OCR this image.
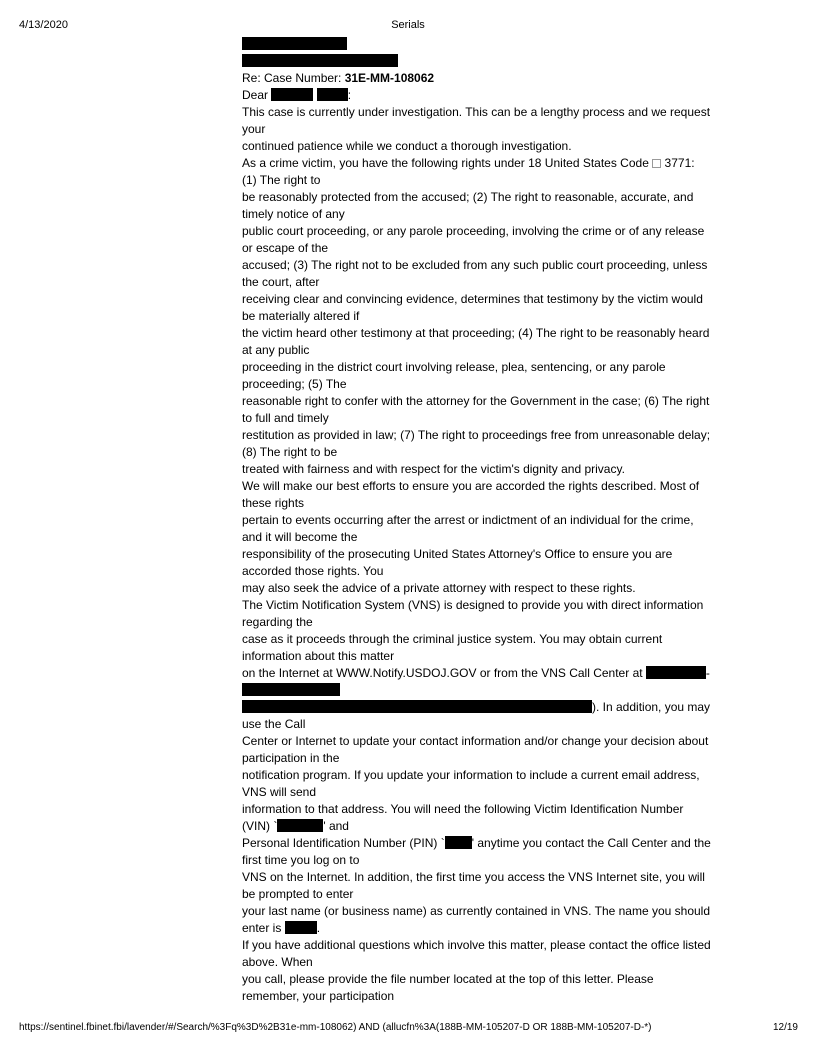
4/13/2020	Serials
Re: Case Number: 31E-MM-108062
Dear	:
This case is currently under investigation. This can be a lengthy process and we request
your
continued patience while we conduct a thorough investigation.
As a crime victim, you have the following rights under 18 United States Code  3771:
(1) The right to
be reasonably protected from the accused; (2) The right to reasonable, accurate, and
timely notice of any
public court proceeding, or any parole proceeding, involving the crime or of any release
or escape of the
accused; (3) The right not to be excluded from any such public court proceeding, unless
the court, after
receiving clear and convincing evidence, determines that testimony by the victim would
be materially altered if
the victim heard other testimony at that proceeding; (4) The right to be reasonably heard
at any public
proceeding in the district court involving release, plea, sentencing, or any parole
proceeding; (5) The
reasonable right to confer with the attorney for the Government in the case; (6) The right
to full and timely
restitution as provided in law; (7) The right to proceedings free from unreasonable delay;
(8) The right to be
treated with fairness and with respect for the victim's dignity and privacy.
We will make our best efforts to ensure you are accorded the rights described. Most of
these rights
pertain to events occurring after the arrest or indictment of an individual for the crime,
and it will become the
responsibility of the prosecuting United States Attorney's Office to ensure you are
accorded those rights. You
may also seek the advice of a private attorney with respect to these rights.
The Victim Notification System (VNS) is designed to provide you with direct information
regarding the
case as it proceeds through the criminal justice system. You may obtain current
information about this matter
on the Internet at WWW.Notify.USDOJ.GOV or from the VNS Call Center at	-
). In addition, you may
use the Call
Center or Internet to update your contact information and/or change your decision about
participation in the
notification program. If you update your information to include a current email address,
VNS will send
information to that address. You will need the following Victim Identification Number
(VIN) `	' and
Personal Identification Number (PIN) ` ' anytime you contact the Call Center and the
first time you log on to
VNS on the Internet. In addition, the first time you access the VNS Internet site, you will
be prompted to enter
your last name (or business name) as currently contained in VNS. The name you should
enter is	.
If you have additional questions which involve this matter, please contact the office listed
above. When
you call, please provide the file number located at the top of this letter. Please
remember, your participation
https://sentinel.fbinet.fbi/lavender/#/Search/%3Fq%3D%2B31e-mm-108062) AND (allucfn%3A(188B-MM-105207-D OR 188B-MM-105207-D-*)	12/19
